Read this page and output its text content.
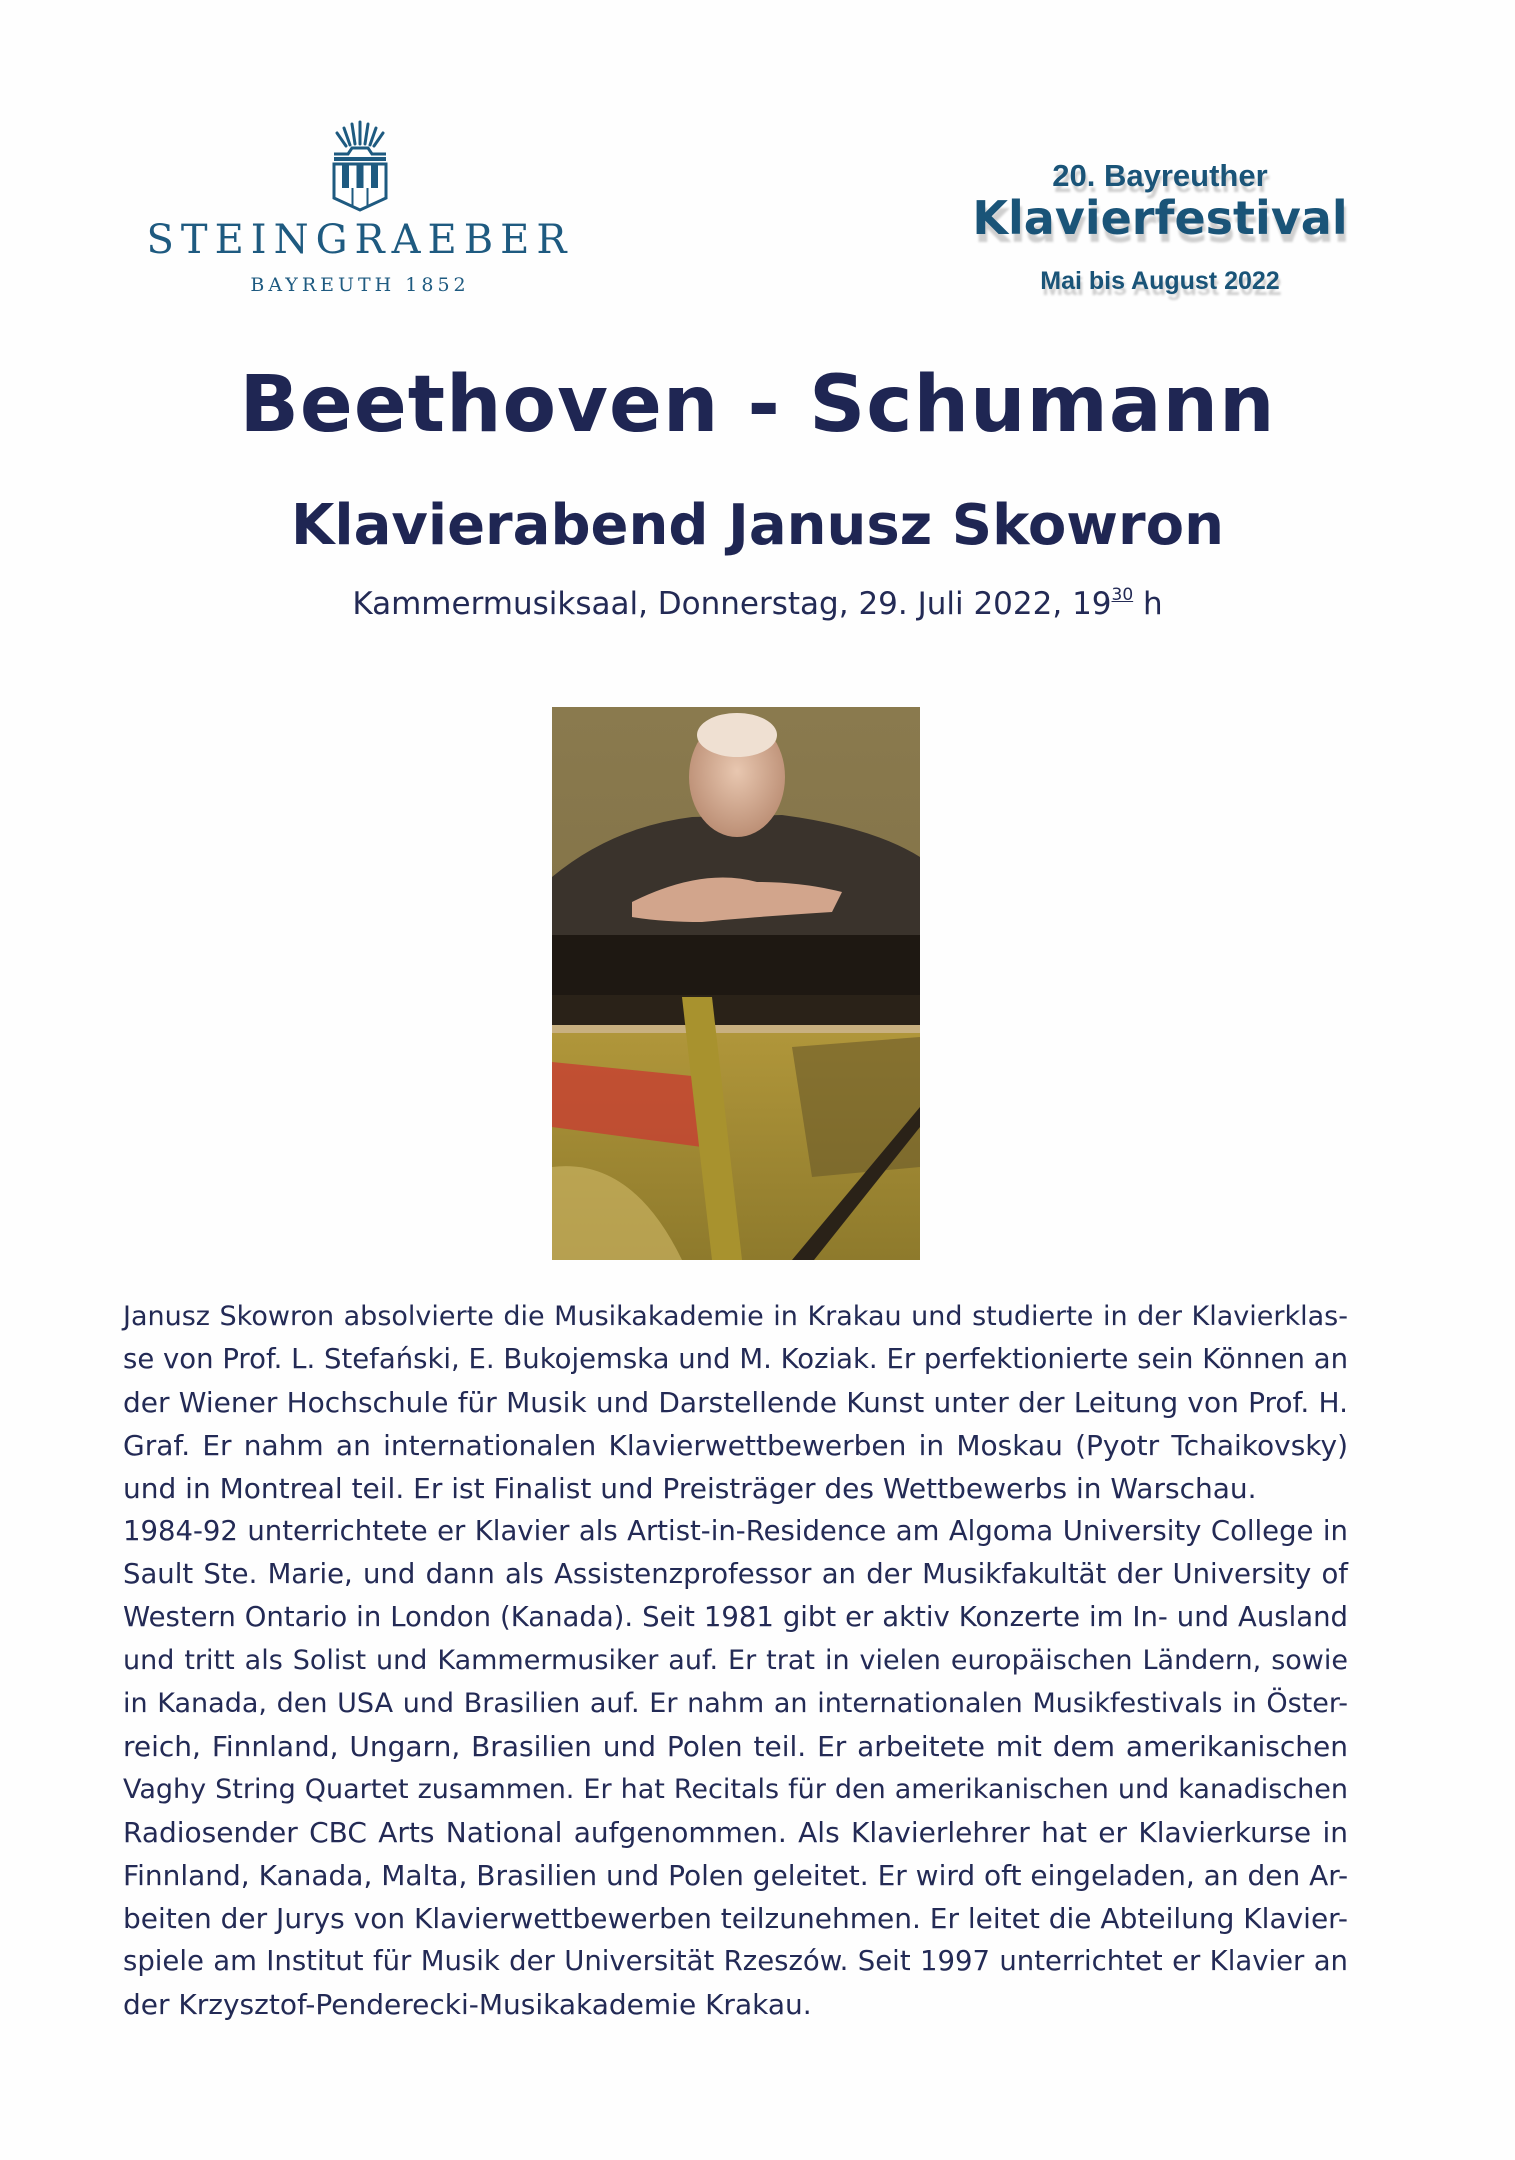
STEINGRAEBER
BAYREUTH 1852
20. Bayreuther
Klavierfestival
Mai bis August 2022
Beethoven - Schumann
Klavierabend Janusz Skowron
Kammermusiksaal, Donnerstag, 29. Juli 2022, $19^{30}$ h
Janusz Skowron absolvierte die Musikakademie in Krakau und studierte in der Klavierklas-
se von Prof. L. Stefański, E. Bukojemska und M. Koziak. Er perfektionierte sein Können an
der Wiener Hochschule für Musik und Darstellende Kunst unter der Leitung von Prof. H.
Graf. Er nahm an internationalen Klavierwettbewerben in Moskau (Pyotr Tchaikovsky)
und in Montreal teil. Er ist Finalist und Preisträger des Wettbewerbs in Warschau.
1984-92 unterrichtete er Klavier als Artist-in-Residence am Algoma University College in
Sault Ste. Marie, und dann als Assistenzprofessor an der Musikfakultät der University of
Western Ontario in London (Kanada). Seit 1981 gibt er aktiv Konzerte im In- und Ausland
und tritt als Solist und Kammermusiker auf. Er trat in vielen europäischen Ländern, sowie
in Kanada, den USA und Brasilien auf. Er nahm an internationalen Musikfestivals in Öster-
reich, Finnland, Ungarn, Brasilien und Polen teil. Er arbeitete mit dem amerikanischen
Vaghy String Quartet zusammen. Er hat Recitals für den amerikanischen und kanadischen
Radiosender CBC Arts National aufgenommen. Als Klavierlehrer hat er Klavierkurse in
Finnland, Kanada, Malta, Brasilien und Polen geleitet. Er wird oft eingeladen, an den Ar-
beiten der Jurys von Klavierwettbewerben teilzunehmen. Er leitet die Abteilung Klavier-
spiele am Institut für Musik der Universität Rzeszów. Seit 1997 unterrichtet er Klavier an
der Krzysztof-Penderecki-Musikakademie Krakau.
